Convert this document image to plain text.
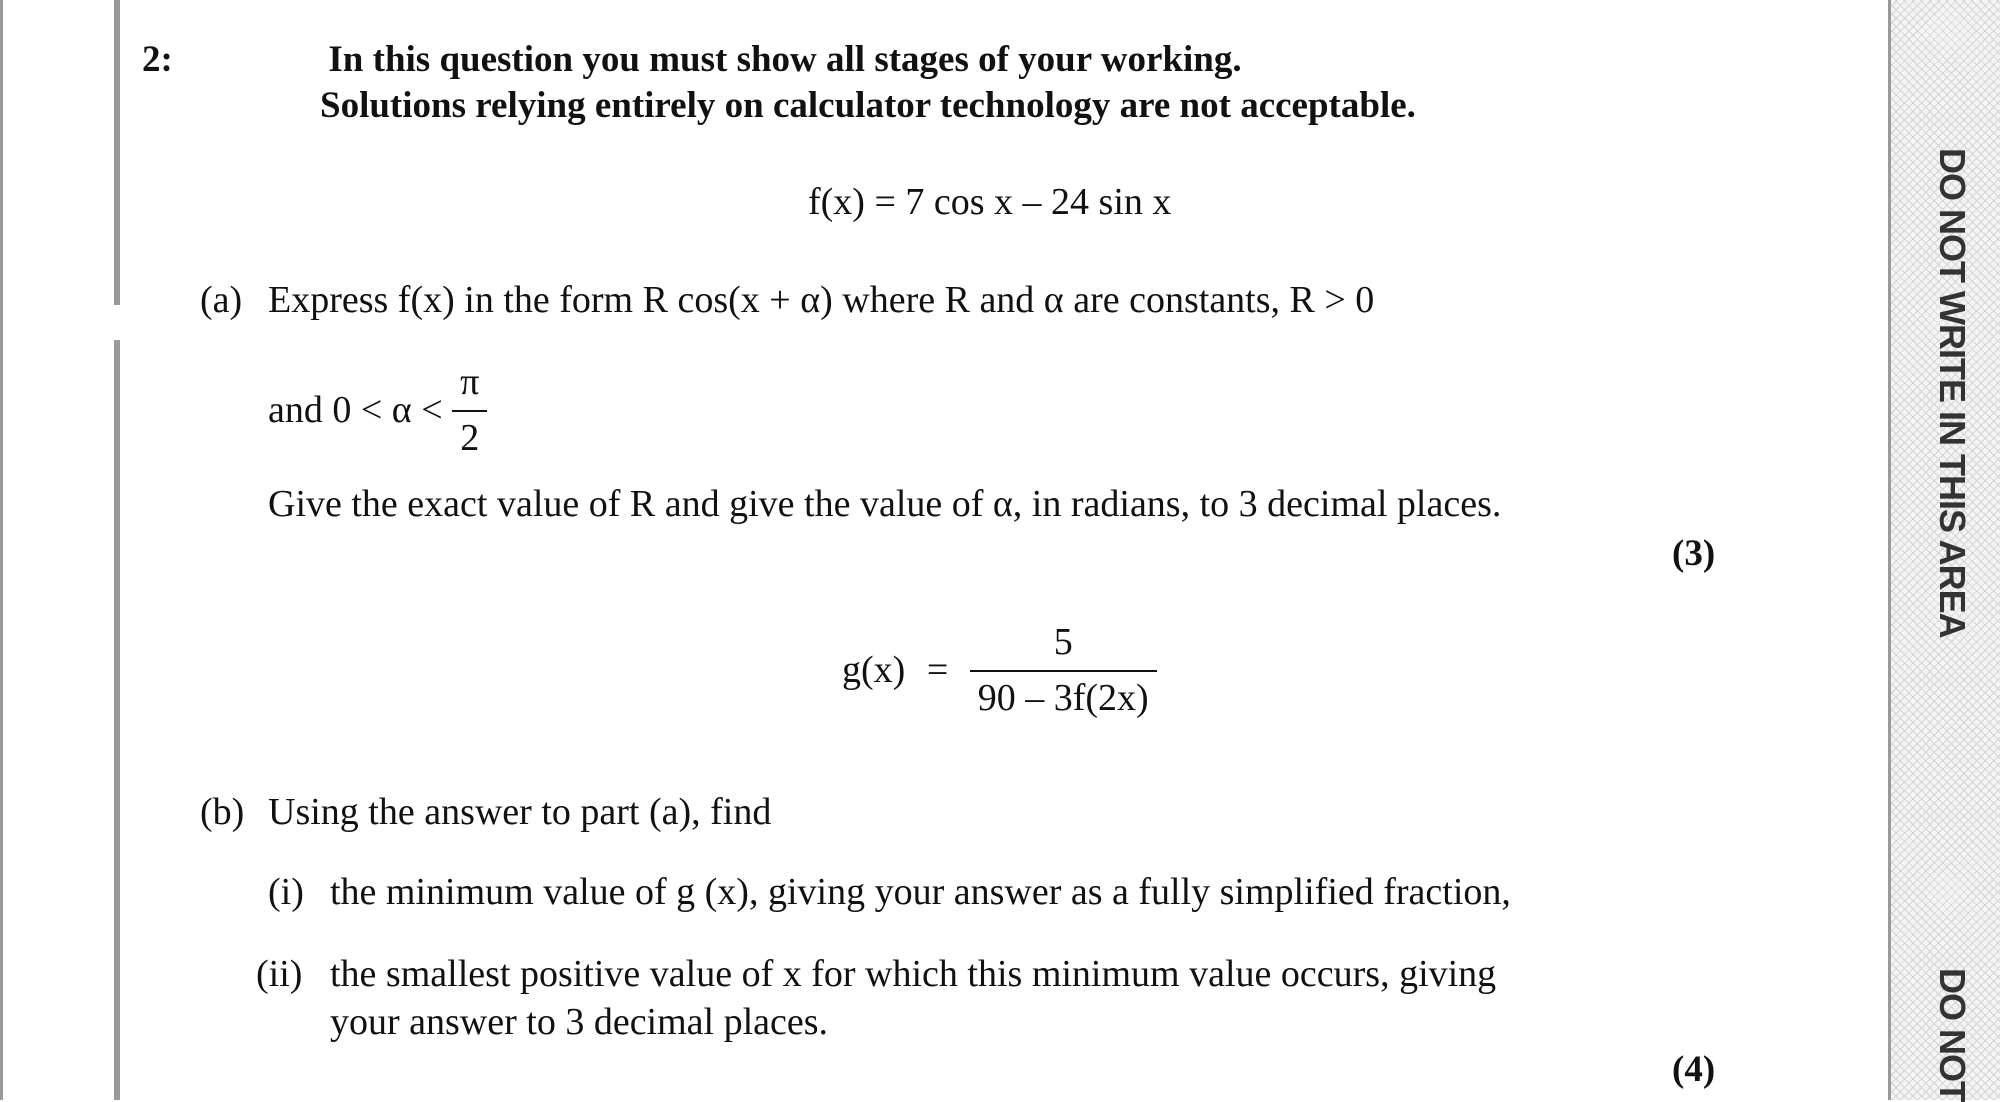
2:	In this question you must show all stages of your working.
Solutions relying entirely on calculator technology are not acceptable.
f(x) = 7 cos x – 24 sin x
(a) Express f(x) in the form R cos(x + α) where R and α are constants, R > 0
and $0 < \alpha < \frac{\pi}{2}$
Give the exact value of R and give the value of α, in radians, to 3 decimal places.
(3)
$g(x) = \frac{5}{90 - 3f(2x)}$
(b) Using the answer to part (a), find
(i) the minimum value of g (x), giving your answer as a fully simplified fraction,
(ii) the smallest positive value of x for which this minimum value occurs, giving
your answer to 3 decimal places.
(4)
DO NOT WRITE IN THIS AREA
DO NOT
